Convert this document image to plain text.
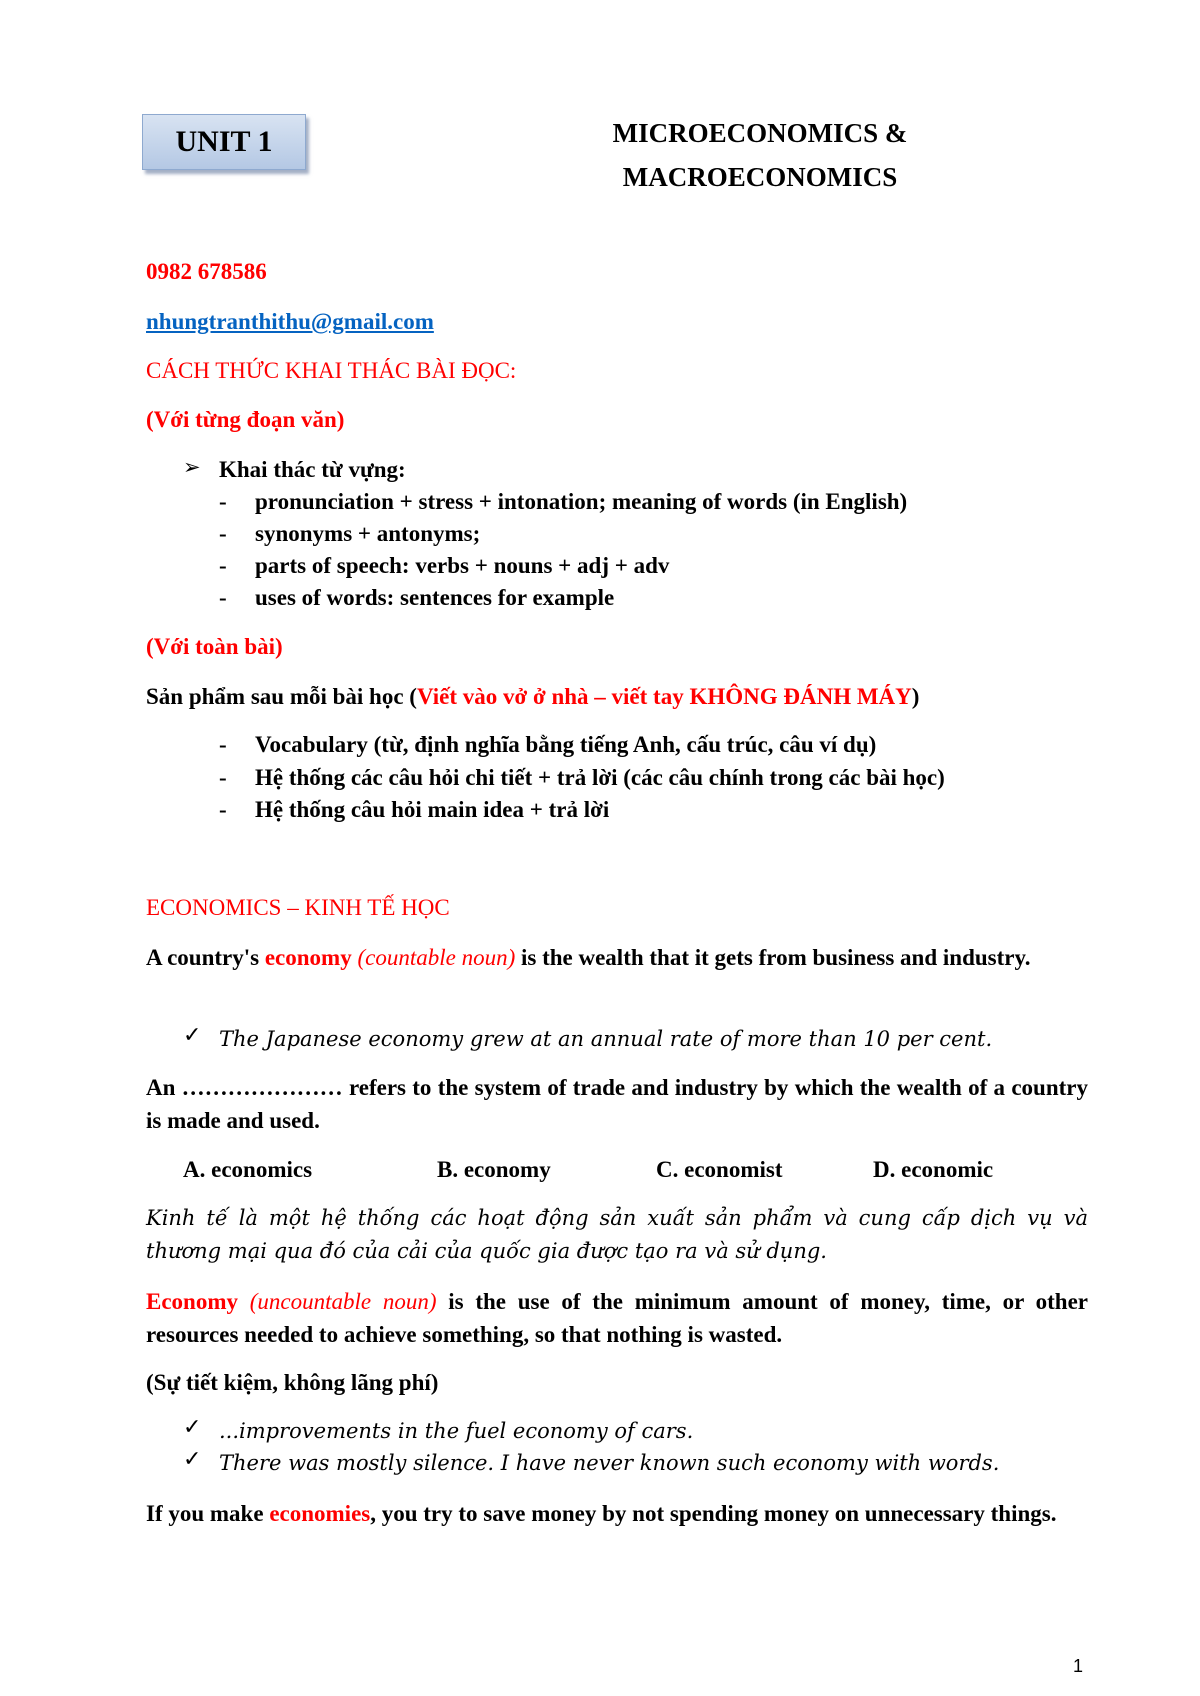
UNIT 1	MICROECONOMICS &
MACROECONOMICS
0982 678586
nhungtranthithu@gmail.com
CÁCH THỨC KHAI THÁC BÀI ĐỌC:
(Với từng đoạn văn)
➢ Khai thác từ vựng:
- pronunciation + stress + intonation; meaning of words (in English)
- synonyms + antonyms;
- parts of speech: verbs + nouns + adj + adv
- uses of words: sentences for example
(Với toàn bài)
Sản phẩm sau mỗi bài học (Viết vào vở ở nhà – viết tay KHÔNG ĐÁNH MÁY)
- Vocabulary (từ, định nghĩa bằng tiếng Anh, cấu trúc, câu ví dụ)
- Hệ thống các câu hỏi chi tiết + trả lời (các câu chính trong các bài học)
- Hệ thống câu hỏi main idea + trả lời
ECONOMICS – KINH TẾ HỌC
A country's economy (countable noun) is the wealth that it gets from business and industry.
✓ The Japanese economy grew at an annual rate of more than 10 per cent.
An ………………… refers to the system of trade and industry by which the wealth of a country is made and used.
A. economics	B. economy	C. economist	D. economic
Kinh tế là một hệ thống các hoạt động sản xuất sản phẩm và cung cấp dịch vụ và thương mại qua đó của cải của quốc gia được tạo ra và sử dụng.
Economy (uncountable noun) is the use of the minimum amount of money, time, or other resources needed to achieve something, so that nothing is wasted.
(Sự tiết kiệm, không lãng phí)
✓ ...improvements in the fuel economy of cars.
✓ There was mostly silence. I have never known such economy with words.
If you make economies, you try to save money by not spending money on unnecessary things.
1
